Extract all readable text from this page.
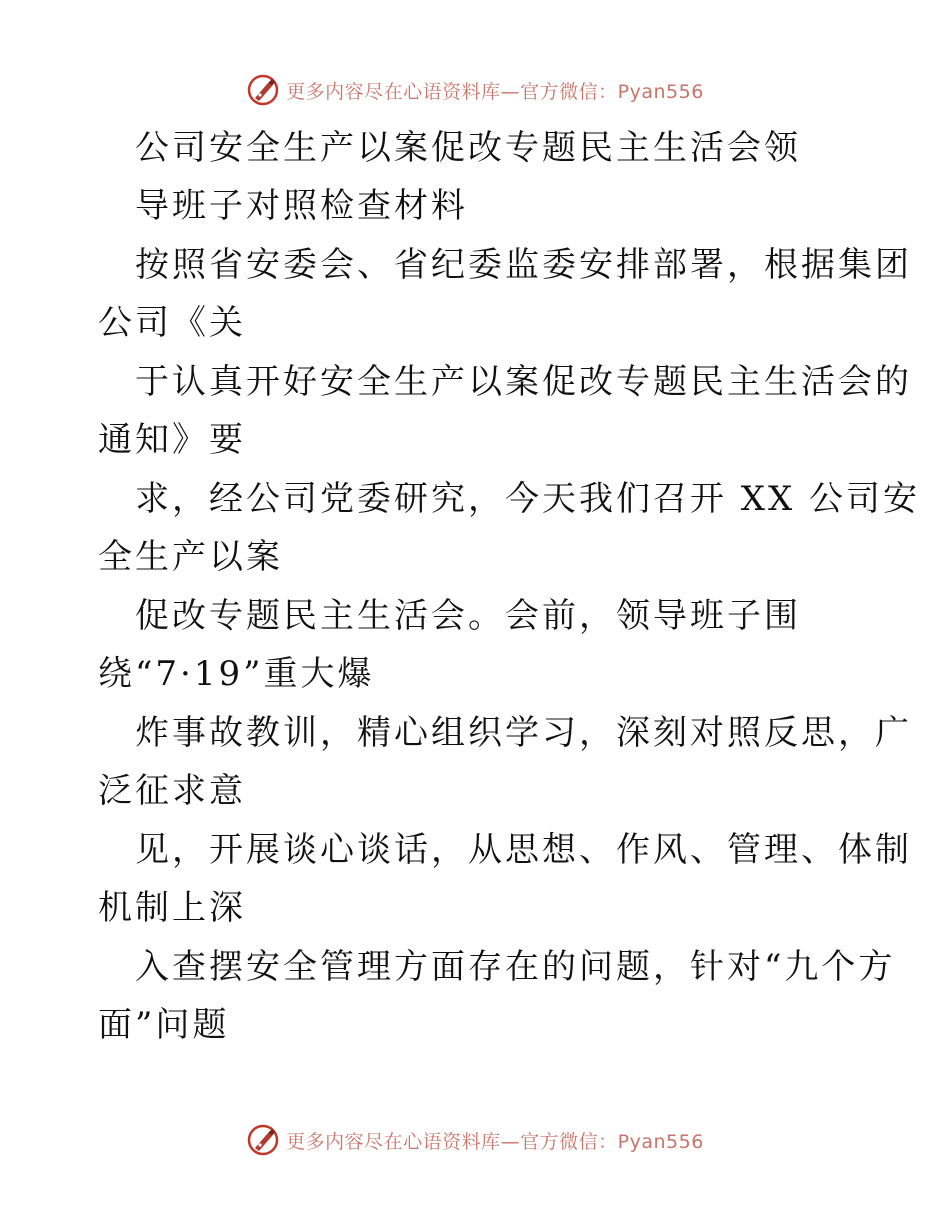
更多内容尽在心语资料库—官方微信：Pyan556
公司安全生产以案促改专题民主生活会领
导班子对照检查材料
按照省安委会、省纪委监委安排部署，根据集团
公司《关
于认真开好安全生产以案促改专题民主生活会的
通知》要
求，经公司党委研究，今天我们召开 XX 公司安
全生产以案
促改专题民主生活会。会前，领导班子围
绕“7·19”重大爆
炸事故教训，精心组织学习，深刻对照反思，广
泛征求意
见，开展谈心谈话，从思想、作风、管理、体制
机制上深
入查摆安全管理方面存在的问题，针对“九个方
面”问题
更多内容尽在心语资料库—官方微信：Pyan556
